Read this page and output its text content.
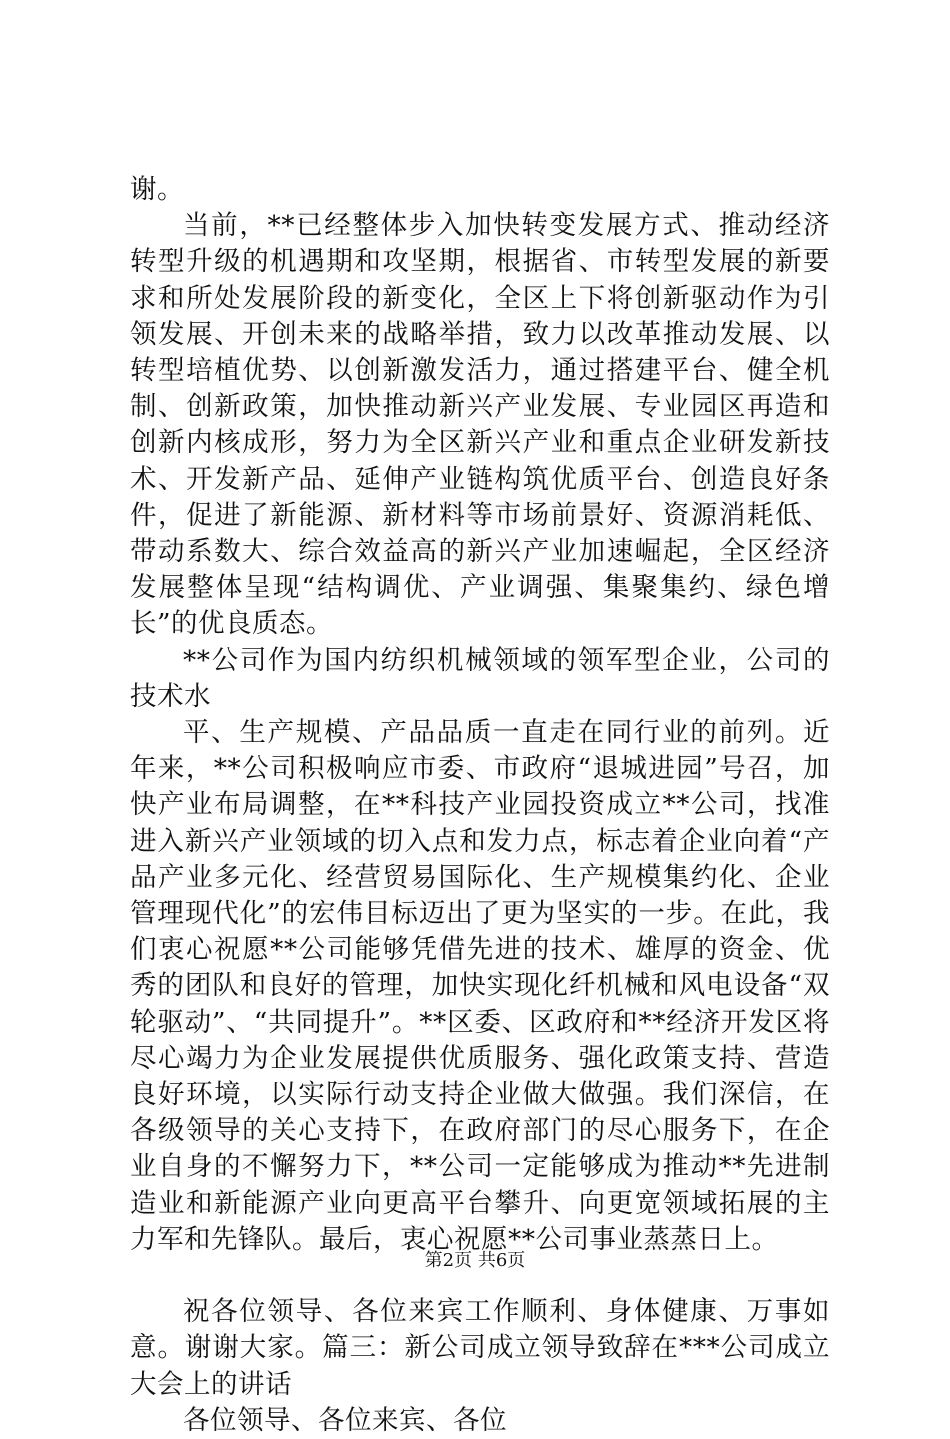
谢。

当前，**已经整体步入加快转变发展方式、推动经济转型升级的机遇期和攻坚期，根据省、市转型发展的新要求和所处发展阶段的新变化，全区上下将创新驱动作为引领发展、开创未来的战略举措，致力以改革推动发展、以转型培植优势、以创新激发活力，通过搭建平台、健全机制、创新政策，加快推动新兴产业发展、专业园区再造和创新内核成形，努力为全区新兴产业和重点企业研发新技术、开发新产品、延伸产业链构筑优质平台、创造良好条件，促进了新能源、新材料等市场前景好、资源消耗低、带动系数大、综合效益高的新兴产业加速崛起，全区经济发展整体呈现“结构调优、产业调强、集聚集约、绿色增长”的优良质态。

**公司作为国内纺织机械领域的领军型企业，公司的技术水

平、生产规模、产品品质一直走在同行业的前列。近年来，**公司积极响应市委、市政府“退城进园”号召，加快产业布局调整，在**科技产业园投资成立**公司，找准进入新兴产业领域的切入点和发力点，标志着企业向着“产品产业多元化、经营贸易国际化、生产规模集约化、企业管理现代化”的宏伟目标迈出了更为坚实的一步。在此，我们衷心祝愿**公司能够凭借先进的技术、雄厚的资金、优秀的团队和良好的管理，加快实现化纤机械和风电设备“双轮驱动”、“共同提升”。**区委、区政府和**经济开发区将尽心竭力为企业发展提供优质服务、强化政策支持、营造良好环境，以实际行动支持企业做大做强。我们深信，在各级领导的关心支持下，在政府部门的尽心服务下，在企业自身的不懈努力下，**公司一定能够成为推动**先进制造业和新能源产业向更高平台攀升、向更宽领域拓展的主力军和先锋队。最后，衷心祝愿**公司事业蒸蒸日上。

祝各位领导、各位来宾工作顺利、身体健康、万事如意。谢谢大家。篇三：新公司成立领导致辞在***公司成立大会上的讲话

各位领导、各位来宾、各位

第2页 共6页
